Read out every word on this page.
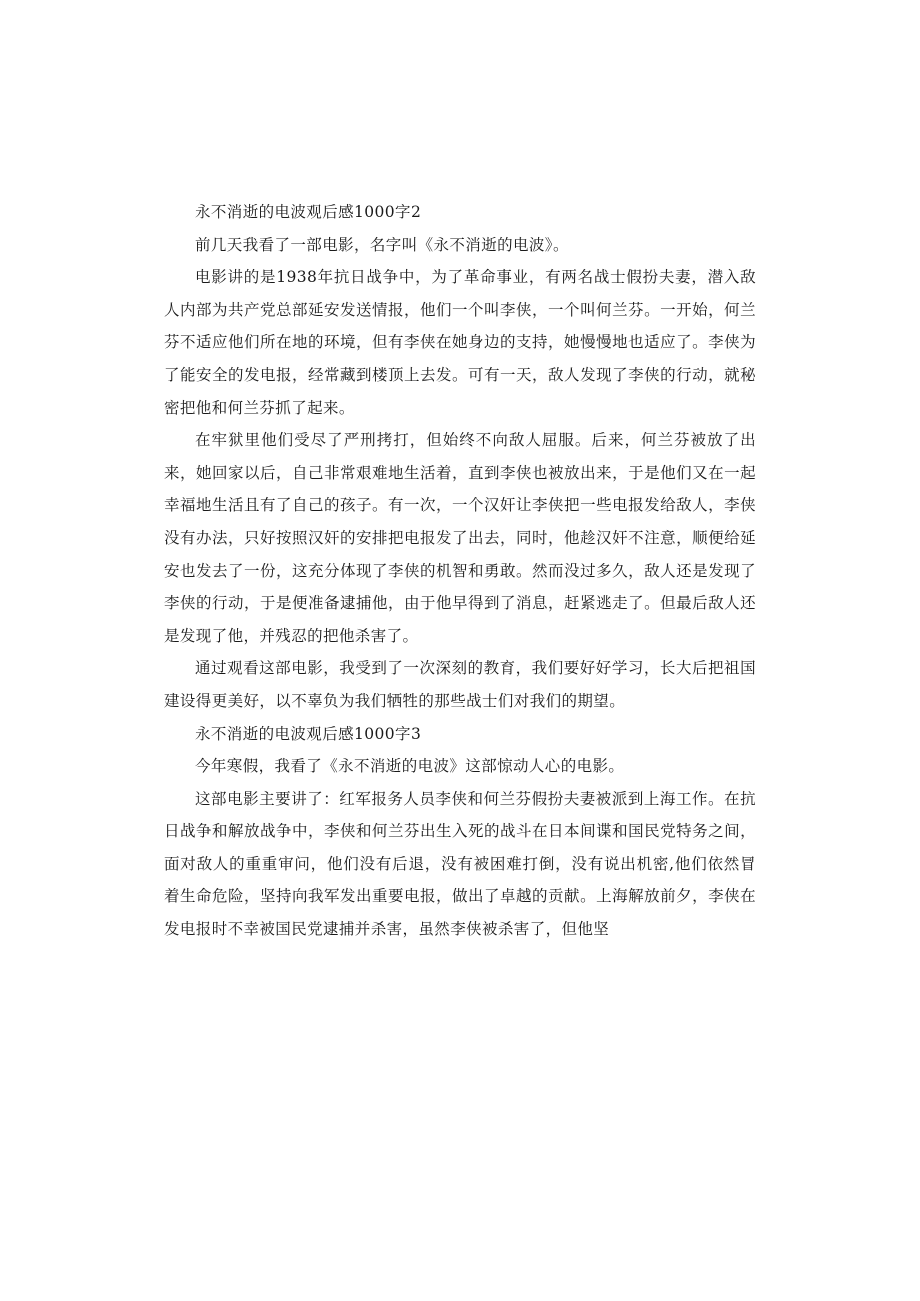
永不消逝的电波观后感1000字2

前几天我看了一部电影，名字叫《永不消逝的电波》。

电影讲的是1938年抗日战争中，为了革命事业，有两名战士假扮夫妻，潜入敌人内部为共产党总部延安发送情报，他们一个叫李侠，一个叫何兰芬。一开始，何兰芬不适应他们所在地的环境，但有李侠在她身边的支持，她慢慢地也适应了。李侠为了能安全的发电报，经常藏到楼顶上去发。可有一天，敌人发现了李侠的行动，就秘密把他和何兰芬抓了起来。

在牢狱里他们受尽了严刑拷打，但始终不向敌人屈服。后来，何兰芬被放了出来，她回家以后，自己非常艰难地生活着，直到李侠也被放出来，于是他们又在一起幸福地生活且有了自己的孩子。有一次，一个汉奸让李侠把一些电报发给敌人，李侠没有办法，只好按照汉奸的安排把电报发了出去，同时，他趁汉奸不注意，顺便给延安也发去了一份，这充分体现了李侠的机智和勇敢。然而没过多久，敌人还是发现了李侠的行动，于是便准备逮捕他，由于他早得到了消息，赶紧逃走了。但最后敌人还是发现了他，并残忍的把他杀害了。

通过观看这部电影，我受到了一次深刻的教育，我们要好好学习，长大后把祖国建设得更美好，以不辜负为我们牺牲的那些战士们对我们的期望。

永不消逝的电波观后感1000字3

今年寒假，我看了《永不消逝的电波》这部惊动人心的电影。

这部电影主要讲了：红军报务人员李侠和何兰芬假扮夫妻被派到上海工作。在抗日战争和解放战争中，李侠和何兰芬出生入死的战斗在日本间谍和国民党特务之间，面对敌人的重重审问，他们没有后退，没有被困难打倒，没有说出机密,他们依然冒着生命危险，坚持向我军发出重要电报，做出了卓越的贡献。上海解放前夕，李侠在发电报时不幸被国民党逮捕并杀害，虽然李侠被杀害了，但他坚
